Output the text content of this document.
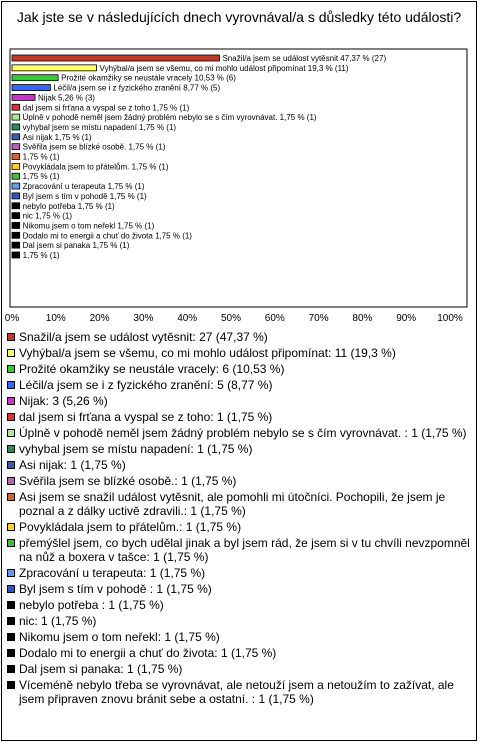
Jak jste se v následujících dnech vyrovnával/a s důsledky této události?
Snažil/a jsem se událost vytěsnit 47,37 % (27)
Vyhýbal/a jsem se všemu, co mi mohlo událost připomínat 19,3 % (11)
Prožité okamžiky se neustále vracely 10,53 % (6)
Léčil/a jsem se i z fyzického zranění 8,77 % (5)
Nijak 5,26 % (3)
dal jsem si frťana a vyspal se z toho 1,75 % (1)
Úplně v pohodě neměl jsem žádný problém nebylo se s čím vyrovnávat. 1,75 % (1)
vyhybal jsem se místu napadení 1,75 % (1)
Asi nijak 1,75 % (1)
Svěřila jsem se blízké osobě. 1,75 % (1)
1,75 % (1)
Povykládala jsem to přátelům. 1,75 % (1)
1,75 % (1)
Zpracování u terapeuta 1,75 % (1)
Byl jsem s tím v pohodě 1,75 % (1)
nebylo potřeba 1,75 % (1)
nic 1,75 % (1)
Nikomu jsem o tom neřekl 1,75 % (1)
Dodalo mi to energii a chuť do života 1,75 % (1)
Dal jsem si panaka 1,75 % (1)
1,75 % (1)
0%	10% 20% 30% 40% 50% 60% 70% 80% 90% 100%
Snažil/a jsem se událost vytěsnit: 27 (47,37 %)
Vyhýbal/a jsem se všemu, co mi mohlo událost připomínat: 11 (19,3 %)
Prožité okamžiky se neustále vracely: 6 (10,53 %)
Léčil/a jsem se i z fyzického zranění: 5 (8,77 %)
Nijak: 3 (5,26 %)
dal jsem si frťana a vyspal se z toho: 1 (1,75 %)
Úplně v pohodě neměl jsem žádný problém nebylo se s čím vyrovnávat. : 1 (1,75 %)
vyhybal jsem se místu napadení: 1 (1,75 %)
Asi nijak: 1 (1,75 %)
Svěřila jsem se blízké osobě.: 1 (1,75 %)
Asi jsem se snažil událost vytěsnit, ale pomohli mi útočníci. Pochopili, že jsem je poznal a z dálky uctivě zdravili.: 1 (1,75 %)
Povykládala jsem to přátelům.: 1 (1,75 %)
přemýšlel jsem, co bych udělal jinak a byl jsem rád, že jsem si v tu chvíli nevzpomněl na nůž a boxera v tašce: 1 (1,75 %)
Zpracování u terapeuta: 1 (1,75 %)
Byl jsem s tím v pohodě : 1 (1,75 %)
nebylo potřeba : 1 (1,75 %)
nic: 1 (1,75 %)
Nikomu jsem o tom neřekl: 1 (1,75 %)
Dodalo mi to energii a chuť do života: 1 (1,75 %)
Dal jsem si panaka: 1 (1,75 %)
Víceméně nebylo třeba se vyrovnávat, ale netouží jsem a netoužím to zažívat, ale jsem připraven znovu bránit sebe a ostatní. : 1 (1,75 %)
